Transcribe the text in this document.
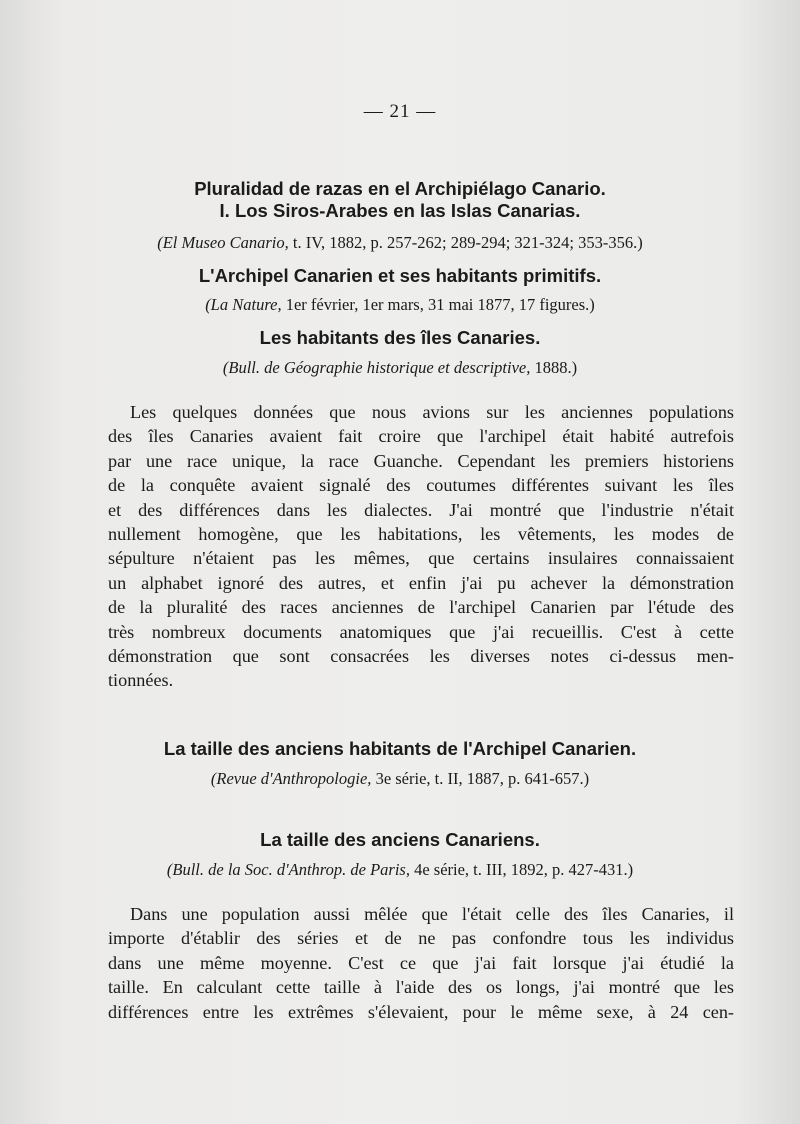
— 21 —

Pluralidad de razas en el Archipiélago Canario.

I. Los Siros-Arabes en las Islas Canarias.

(El Museo Canario, t. IV, 1882, p. 257-262; 289-294; 321-324; 353-356.)

L'Archipel Canarien et ses habitants primitifs.

(La Nature, 1er février, 1er mars, 31 mai 1877, 17 figures.)

Les habitants des îles Canaries.

(Bull. de Géographie historique et descriptive, 1888.)

Les quelques données que nous avions sur les anciennes populations
des îles Canaries avaient fait croire que l'archipel était habité autrefois
par une race unique, la race Guanche. Cependant les premiers historiens
de la conquête avaient signalé des coutumes différentes suivant les îles
et des différences dans les dialectes. J'ai montré que l'industrie n'était
nullement homogène, que les habitations, les vêtements, les modes de
sépulture n'étaient pas les mêmes, que certains insulaires connaissaient
un alphabet ignoré des autres, et enfin j'ai pu achever la démonstration
de la pluralité des races anciennes de l'archipel Canarien par l'étude des
très nombreux documents anatomiques que j'ai recueillis. C'est à cette
démonstration que sont consacrées les diverses notes ci-dessus men-
tionnées.

La taille des anciens habitants de l'Archipel Canarien.

(Revue d'Anthropologie, 3e série, t. II, 1887, p. 641-657.)

La taille des anciens Canariens.

(Bull. de la Soc. d'Anthrop. de Paris, 4e série, t. III, 1892, p. 427-431.)

Dans une population aussi mêlée que l'était celle des îles Canaries, il
importe d'établir des séries et de ne pas confondre tous les individus
dans une même moyenne. C'est ce que j'ai fait lorsque j'ai étudié la
taille. En calculant cette taille à l'aide des os longs, j'ai montré que les
différences entre les extrêmes s'élevaient, pour le même sexe, à 24 cen-
